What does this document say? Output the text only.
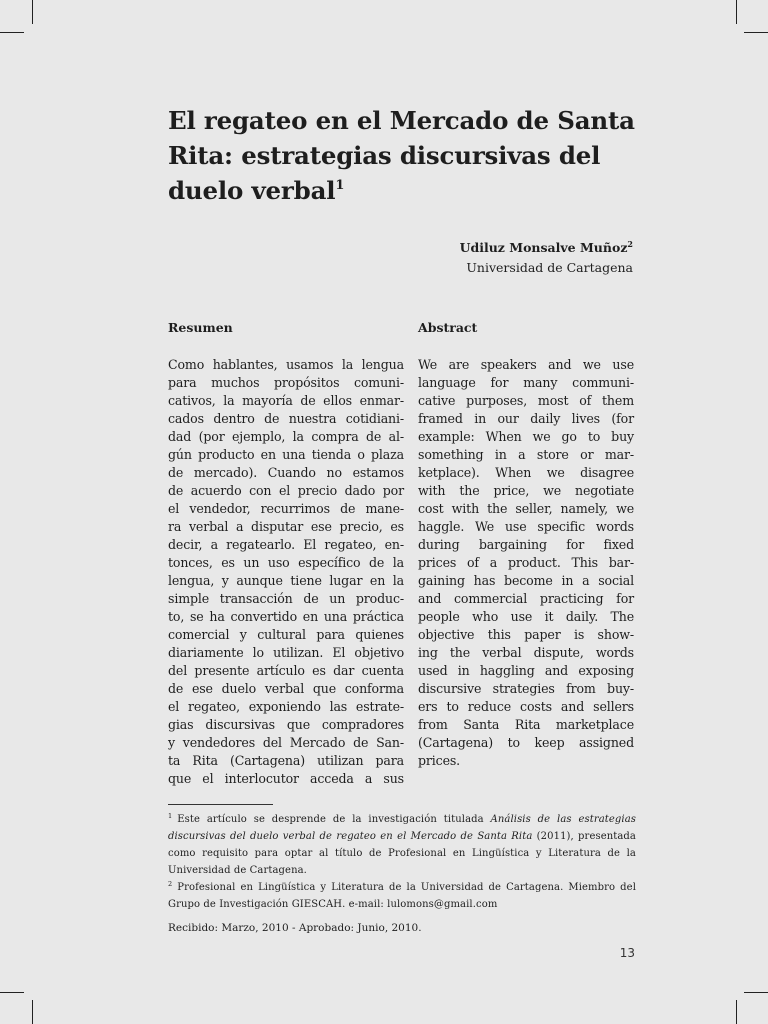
El regateo en el Mercado de Santa
Rita: estrategias discursivas del
duelo verbal$^1$
Udiluz Monsalve Muñoz$^2$
Universidad de Cartagena
Resumen

Como hablantes, usamos la lengua
para muchos propósitos comuni-
cativos, la mayoría de ellos enmar-
cados dentro de nuestra cotidiani-
dad (por ejemplo, la compra de al-
gún producto en una tienda o plaza
de mercado). Cuando no estamos
de acuerdo con el precio dado por
el vendedor, recurrimos de mane-
ra verbal a disputar ese precio, es
decir, a regatearlo. El regateo, en-
tonces, es un uso específico de la
lengua, y aunque tiene lugar en la
simple transacción de un produc-
to, se ha convertido en una práctica
comercial y cultural para quienes
diariamente lo utilizan. El objetivo
del presente artículo es dar cuenta
de ese duelo verbal que conforma
el regateo, exponiendo las estrate-
gias discursivas que compradores
y vendedores del Mercado de San-
ta Rita (Cartagena) utilizan para
que el interlocutor acceda a sus

Abstract

We are speakers and we use
language for many communi-
cative purposes, most of them
framed in our daily lives (for
example: When we go to buy
something in a store or mar-
ketplace). When we disagree
with the price, we negotiate
cost with the seller, namely, we
haggle. We use specific words
during bargaining for fixed
prices of a product. This bar-
gaining has become in a social
and commercial practicing for
people who use it daily. The
objective this paper is show-
ing the verbal dispute, words
used in haggling and exposing
discursive strategies from buy-
ers to reduce costs and sellers
from Santa Rita marketplace
(Cartagena) to keep assigned
prices.

$^1$ Este artículo se desprende de la investigación titulada Análisis de las estrategias discursivas del duelo verbal de regateo en el Mercado de Santa Rita (2011), presentada como requisito para optar al título de Profesional en Lingüística y Literatura de la Universidad de Cartagena.

$^2$ Profesional en Lingüística y Literatura de la Universidad de Cartagena. Miembro del Grupo de Investigación GIESCAH. e-mail: lulomons@gmail.com

Recibido: Marzo, 2010 - Aprobado: Junio, 2010.
13
